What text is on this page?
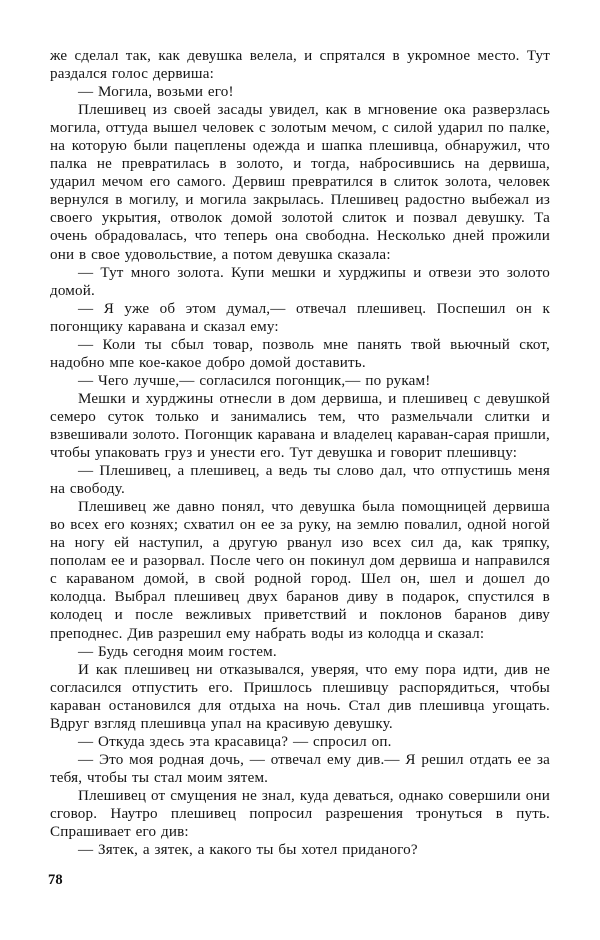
же сделал так, как девушка велела, и спрятался в укромное место. Тут раздался голос дервиша:

— Могила, возьми его!

Плешивец из своей засады увидел, как в мгновение ока разверзлась могила, оттуда вышел человек с золотым мечом, с силой ударил по палке, на которую были пацеплены одежда и шапка плешивца, обнаружил, что палка не превратилась в золото, и тогда, набросившись на дервиша, ударил мечом его самого. Дервиш превратился в слиток золота, человек вернулся в могилу, и могила закрылась. Плешивец радостно выбежал из своего укрытия, отволок домой золотой слиток и позвал девушку. Та очень обрадовалась, что теперь она свободна. Несколько дней прожили они в свое удовольствие, а потом девушка сказала:

— Тут много золота. Купи мешки и хурджипы и отвези это золото домой.

— Я уже об этом думал,— отвечал плешивец. Поспешил он к погонщику каравана и сказал ему:

— Коли ты сбыл товар, позволь мне панять твой вьючный скот, надобно мпе кое-какое добро домой доставить.

— Чего лучше,— согласился погонщик,— по рукам!

Мешки и хурджины отнесли в дом дервиша, и плешивец с девушкой семеро суток только и занимались тем, что размельчали слитки и взвешивали золото. Погонщик каравана и владелец караван-сарая пришли, чтобы упаковать груз и унести его. Тут девушка и говорит плешивцу:

— Плешивец, а плешивец, а ведь ты слово дал, что отпустишь меня на свободу.

Плешивец же давно понял, что девушка была помощницей дервиша во всех его кознях; схватил он ее за руку, на землю повалил, одной ногой на ногу ей наступил, а другую рванул изо всех сил да, как тряпку, пополам ее и разорвал. После чего он покинул дом дервиша и направился с караваном домой, в свой родной город. Шел он, шел и дошел до колодца. Выбрал плешивец двух баранов диву в подарок, спустился в колодец и после вежливых приветствий и поклонов баранов диву преподнес. Див разрешил ему набрать воды из колодца и сказал:

— Будь сегодня моим гостем.

И как плешивец ни отказывался, уверяя, что ему пора идти, див не согласился отпустить его. Пришлось плешивцу распорядиться, чтобы караван остановился для отдыха на ночь. Стал див плешивца угощать. Вдруг взгляд плешивца упал на красивую девушку.

— Откуда здесь эта красавица? — спросил оп.

— Это моя родная дочь, — отвечал ему див.— Я решил отдать ее за тебя, чтобы ты стал моим зятем.

Плешивец от смущения не знал, куда деваться, однако совершили они сговор. Наутро плешивец попросил разрешения тронуться в путь. Спрашивает его див:

— Зятек, а зятек, а какого ты бы хотел приданого?

78
